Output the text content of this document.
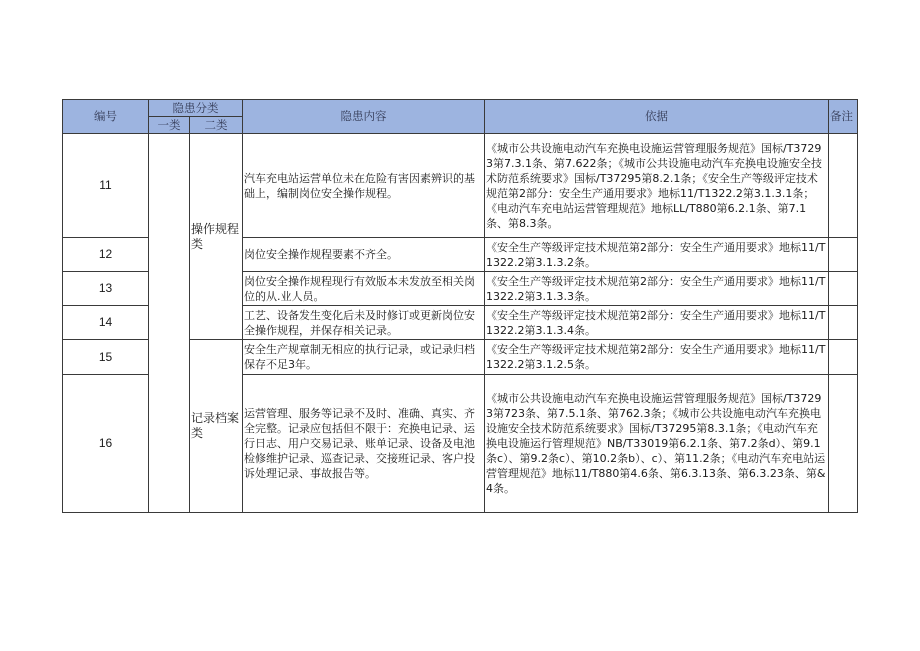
编号	隐患分类		隐患内容	依据	备注
	一类	二类			
11		操作规程类	汽车充电站运营单位未在危险有害因素辨识的基础上，编制岗位安全操作规程。	《城市公共设施电动汽车充换电设施运营管理服务规范》国标/T37293第7.3.1条、第7.622条；《城市公共设施电动汽车充换电设施安全技术防范系统要求》国标/T37295第8.2.1条；《安全生产等级评定技术规范第2部分：安全生产通用要求》地标11/T1322.2第3.1.3.1条；《电动汽车充电站运营管理规范》地标LL/T880第6.2.1条、第7.1条、第8.3条。	
12			岗位安全操作规程要素不齐全。	《安全生产等级评定技术规范第2部分：安全生产通用要求》地标11/T1322.2第3.1.3.2条。	
13			岗位安全操作规程现行有效版本未发放至相关岗位的从.业人员。	《安全生产等级评定技术规范第2部分：安全生产通用要求》地标11/T1322.2第3.1.3.3条。	
14			工艺、设备发生变化后未及时修订或更新岗位安全操作规程，并保存相关记录。	《安全生产等级评定技术规范第2部分：安全生产通用要求》地标11/T1322.2第3.1.3.4条。	
15		记录档案类	安全生产规章制无相应的执行记录，或记录归档保存不足3年。	《安全生产等级评定技术规范第2部分：安全生产通用要求》地标11/T1322.2第3.1.2.5条。	
16			运营管理、服务等记录不及时、准确、真实、齐全完整。记录应包括但不限于：充换电记录、运行日志、用户交易记录、账单记录、设备及电池检修维护记录、巡查记录、交接班记录、客户投诉处理记录、事故报告等。	《城市公共设施电动汽车充换电设施运营管理服务规范》国标/T37293第723条、第7.5.1条、第762.3条；《城市公共设施电动汽车充换电设施安全技术防范系统要求》国标/T37295第8.3.1条；《电动汽车充换电设施运行管理规范》NB/T33019第6.2.1条、第7.2条d）、第9.1条c）、第9.2条c）、第10.2条b）、c）、第11.2条；《电动汽车充电站运营管理规范》地标11/T880第4.6条、第6.3.13条、第6.3.23条、第&4条。	
